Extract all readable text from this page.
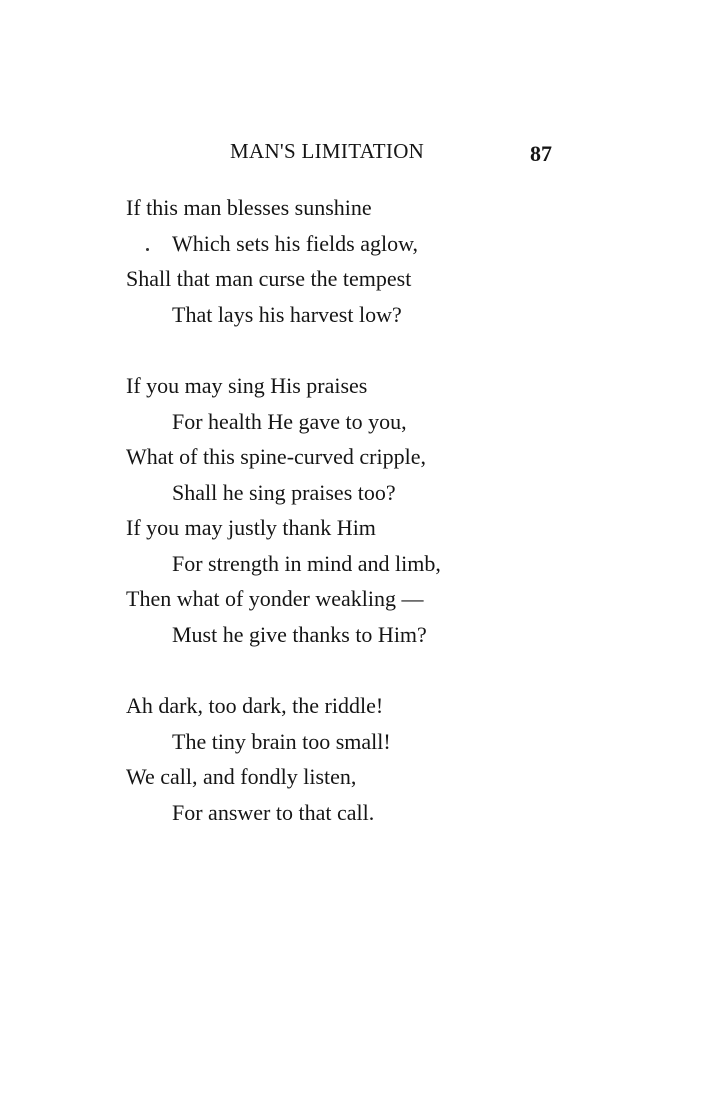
MAN'S LIMITATION	87
If this man blesses sunshine
Which sets his fields aglow,
Shall that man curse the tempest
That lays his harvest low?
If you may sing His praises
For health He gave to you,
What of this spine-curved cripple,
Shall he sing praises too?
If you may justly thank Him
For strength in mind and limb,
Then what of yonder weakling —
Must he give thanks to Him?
Ah dark, too dark, the riddle!
The tiny brain too small!
We call, and fondly listen,
For answer to that call.
